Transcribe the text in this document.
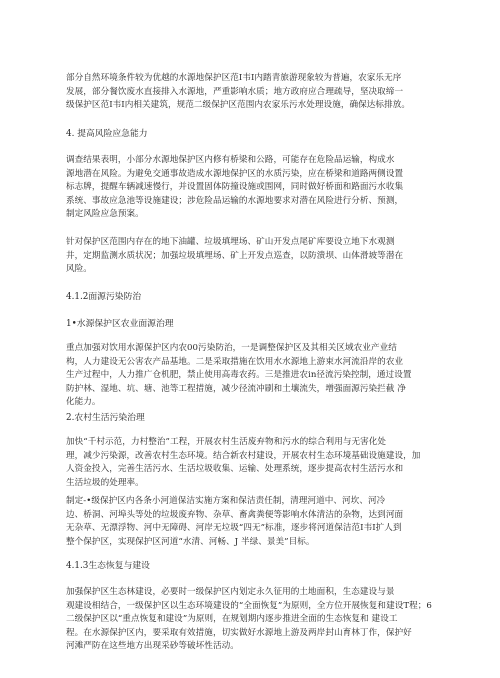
部分自然环境条件较为优越的水源地保护区范I韦I内踏青旅游现象较为普遍，农家乐无序
发展，部分餐饮废水直接排入水源地，严重影响水质；地方政府应合理疏导，坚决取缔一
级保护区范I韦I内相关建筑，规范二级保护区范围内农家乐污水处理设施，确保达标排放。

4. 提高风险应急能力

调查结果表明，小部分水源地保护区内修有桥梁和公路，可能存在危险品运输，构成水
源地潜在风险。为避免交通事故造成水源地保护区的水质污染，应在桥梁和道路两侧设置
标志牌，提醒车辆减速慢行，并设置固体防撞设施或围网，同时做好桥面和路面污水收集
系统、事故应急池等设施建设；涉危险品运输的水源地要求对潜在风险进行分析、预测，
制定风险应急预案。

针对保护区范围内存在的地下油罐、垃圾填埋场、矿山开发点尾矿库要设立地下水观测
井，定期监测水质状况；加强垃圾填埋场、矿上开发点巡查，以防溃坝、山体滑坡等潜在
风险。

4.1.2面源污染防治
1•水源保护区农业面源治理

重点加强对饮用水源保护区内农00污染防治，一是调整保护区及其相关区域农业产业结
构，人力建设无公害农产品基地。二是采取措施在饮用水水源地上游束水河流沿岸的农业
生产过程中，人力推广仓机肥，禁止使用高毒农药。三是推进农in径流污染控制，通过设置
防护林、湿地、坑、塘、池等工程措施，减少径流冲刷和土壤流失，增强面源污染拦截 净
化能力。

2.农村生活污染治理

加快“千村示范，力村整治”工程，开展农村生活废弃物和污水的综合利用与无害化处
理，减少污染源，改善农村生态环境。结合新农村建设，开展农村生态环境基础设施建设，加
人资金投入，完善生活污水、生活垃圾收集、运输、处理系统，逐步提高农村生活污水和
生活垃圾的处理率。

制定-•级保护区内各条小河道保洁实施方案和保洁责任制，清理河道中、河坎、河冷
边、桥洞、河埠头等处的垃圾废弃物、杂草、畜禽粪便等影响水体清洁的杂物，达到河面
无杂草、无漂浮物、河中无障碍、河岸无垃圾“四无”标准，逐步将河道保洁范I韦I扩人到
整个保护区，实现保护区河道“水清、河畅、J 半绿、景美”目标。

4.1.3生态恢复与建设

加强保护区生态林建设，必要时一级保护区内划定永久征用的土地面积，生态建设与景
观建设相结合，一级保护区以生态环境建设的“全面恢复”为原则，全方位开展恢复和建设T程；6
二级保护区以“重点恢复和建设”为原则，在规划期内逐步推进全面的生态恢复和 建设工
程。在水源保护区内，要采取有效措施，切实做好水源地上游及两岸封山育林丁作，保护好
河滩严防在这些地方出现采砂等破坏性活动。
